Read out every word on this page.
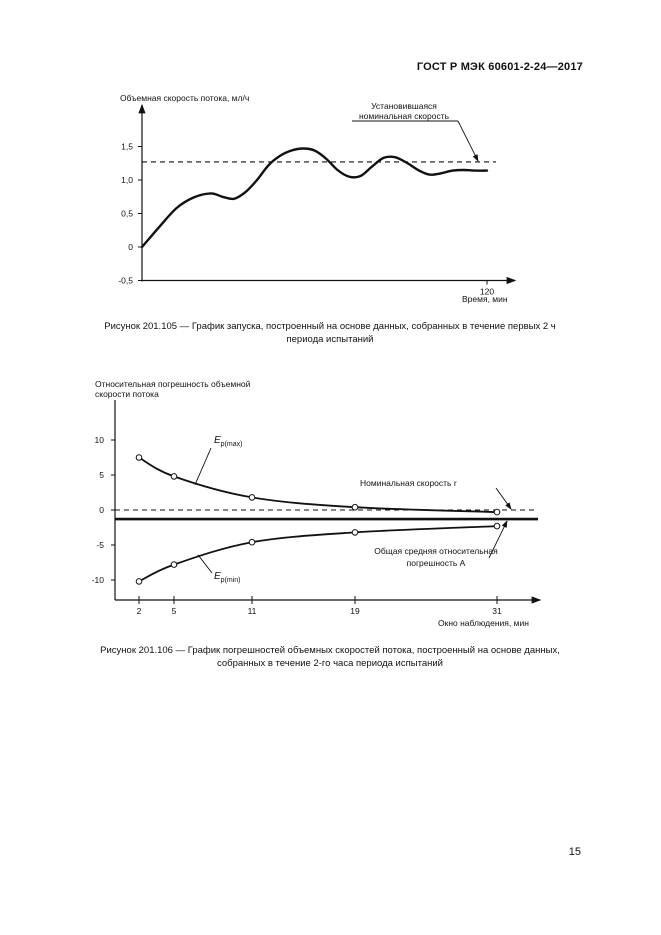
ГОСТ Р МЭК 60601-2-24—2017
Объемная скорость потока, мл/ч
Время, мин
-0,5
0
0,5
1,0
1,5
120
Установившаяся
номинальная скорость
Рисунок 201.105 — График запуска, построенный на основе данных, собранных в течение первых 2 ч
периода испытаний
Относительная погрешность объемной
скорости потока
Окно наблюдения, мин
10
5
0
-5
-10
2	5	11	19	31
$E_{p(max)}$
$E_{p(min)}$
Номинальная скорость r
Общая средняя относительная
погрешность A
Рисунок 201.106 — График погрешностей объемных скоростей потока, построенный на основе данных,
собранных в течение 2-го часа периода испытаний
15
